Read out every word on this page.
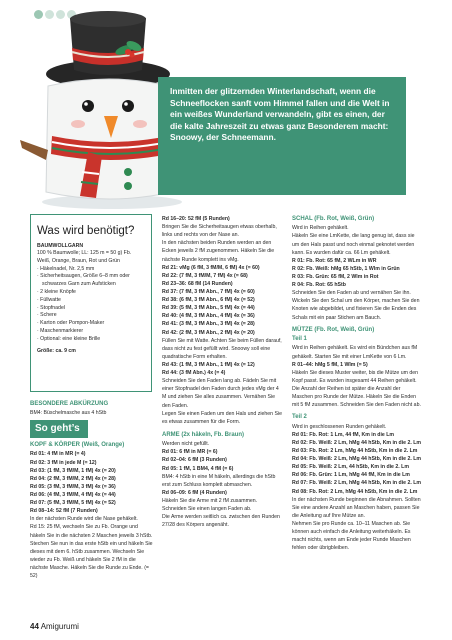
Inmitten der glitzernden Winterlandschaft, wenn die Schneeflocken sanft vom Himmel fallen und die Welt in ein weißes Wunderland verwandeln, gibt es einen, der die kalte Jahreszeit zu etwas ganz Besonderem macht: Snoowy, der Schneemann.
Was wird benötigt?
BAUMWOLLGARN
100 % Baumwolle; LL: 125 m = 50 g) Fb. Weiß, Orange, Braun, Rot und Grün
· Häkelnadel, Nr. 2,5 mm
· Sicherheitsaugen, Größe 6–8 mm oder schwarzes Garn zum Aufsticken
· 2 kleine Knöpfe
· Füllwatte
· Stopfnadel
· Schere
· Karton oder Pompon-Maker
· Maschenmarkierer
· Optional: eine kleine Brille
Größe: ca. 9 cm
BESONDERE ABKÜRZUNG
BM4: Büschelmasche aus 4 hStb
So geht’s
KOPF & KÖRPER (Weiß, Orange)
Rd 01: 4 fM in MR (= 4)
Rd 02: 3 fM in jede M (= 12)
Rd 03: (1 fM, 3 fM/M, 1 fM) 4x (= 20)
Rd 04: (2 fM, 3 fM/M, 2 fM) 4x (= 28)
Rd 05: (3 fM, 3 fM/M, 3 fM) 4x (= 36)
Rd 06: (4 fM, 3 fM/M, 4 fM) 4x (= 44)
Rd 07: (5 fM, 3 fM/M, 5 fM) 4x (= 52)
Rd 08–14: 52 fM (7 Runden)
In der nächsten Runde wird die Nase gehäkelt.
Rd 15: 25 fM, wechseln Sie zu Fb. Orange und häkeln Sie in die nächsten 2 Maschen jeweils 3 hStb. Stechen Sie nun in das erste hStb ein und häkeln Sie dieses mit dem 6. hStb zusammen. Wechseln Sie wieder zu Fb. Weiß und häkeln Sie 2 fM in die nächste Masche. Häkeln Sie die Runde zu Ende. (= 52)
Rd 16–20: 52 fM (5 Runden)
Bringen Sie die Sicherheitsaugen etwas oberhalb, links und rechts von der Nase an.
In den nächsten beiden Runden werden an den Ecken jeweils 2 fM zugenommen. Häkeln Sie die nächste Runde komplett ins vMg.
Rd 21: vMg (6 fM, 3 fM/M, 6 fM) 4x (= 60)
Rd 22: (7 fM, 3 fM/M, 7 fM) 4x (= 68)
Rd 23–36: 68 fM (14 Runden)
Rd 37: (7 fM, 3 fM Abn., 7 fM) 4x (= 60)
Rd 38: (6 fM, 3 fM Abn., 6 fM) 4x (= 52)
Rd 39: (5 fM, 3 fM Abn., 5 fM) 4x (= 44)
Rd 40: (4 fM, 3 fM Abn., 4 fM) 4x (= 36)
Rd 41: (3 fM, 3 fM Abn., 3 fM) 4x (= 28)
Rd 42: (2 fM, 3 fM Abn., 2 fM) 4x (= 20)
Füllen Sie mit Watte. Achten Sie beim Füllen darauf, dass nicht zu fest gefüllt wird. Snoowy soll eine quadratische Form erhalten.
Rd 43: (1 fM, 3 fM Abn., 1 fM) 4x (= 12)
Rd 44: (3 fM Abn.) 4x (= 4)
Schneiden Sie den Faden lang ab. Fädeln Sie mit einer Stopfnadel den Faden durch jedes vMg der 4 M und ziehen Sie alles zusammen. Vernähen Sie den Faden.
Legen Sie einen Faden um den Hals und ziehen Sie es etwas zusammen für die Form.
ARME (2x häkeln, Fb. Braun)
Werden nicht gefüllt.
Rd 01: 6 fM in MR (= 6)
Rd 02–04: 6 fM (3 Runden)
Rd 05: 1 fM, 1 BM4, 4 fM (= 6)
BM4: 4 hStb in eine M häkeln, allerdings die hStb erst zum Schluss komplett abmaschen.
Rd 06–09: 6 fM (4 Runden)
Häkeln Sie die Arme mit 2 fM zusammen.
Schneiden Sie einen langen Faden ab.
Die Arme werden seitlich ca. zwischen den Runden 27/28 des Körpers angenäht.
SCHAL (Fb. Rot, Weiß, Grün)
Wird in Reihen gehäkelt.
Häkeln Sie eine LmKette, die lang genug ist, dass sie um den Hals passt und noch einmal geknotet werden kann. Es wurden dafür ca. 66 Lm gehäkelt.
R 01: Fb. Rot: 65 fM, 2 WLm in WR
R 02: Fb. Weiß: hMg 65 hStb, 1 Wlm in Grün
R 03: Fb. Grün: 65 fM, 2 Wlm in Rot
R 04: Fb. Rot: 65 hStb
Schneiden Sie den Faden ab und vernähen Sie ihn. Wickeln Sie den Schal um den Körper, machen Sie den Knoten wie abgebildet, und fixieren Sie die Enden des Schals mit ein paar Stichen am Bauch.
MÜTZE (Fb. Rot, Weiß, Grün)
Teil 1
Wird in Reihen gehäkelt. Es wird ein Bündchen aus fM gehäkelt. Starten Sie mit einer LmKette von 6 Lm.
R 01–44: hMg 5 fM, 1 Wlm (= 5)
Häkeln Sie dieses Muster weiter, bis die Mütze um den Kopf passt. Es wurden insgesamt 44 Reihen gehäkelt. Die Anzahl der Reihen ist später die Anzahl der Maschen pro Runde der Mütze. Häkeln Sie die Enden mit 5 fM zusammen. Schneiden Sie den Faden nicht ab.
Teil 2
Wird in geschlossenen Runden gehäkelt.
Rd 01: Fb. Rot: 1 Lm, 44 fM, Km in die Lm
Rd 02: Fb. Weiß: 2 Lm, hMg 44 hStb, Km in die 2. Lm
Rd 03: Fb. Rot: 2 Lm, hMg 44 hStb, Km in die 2. Lm
Rd 04: Fb. Weiß: 2 Lm, hMg 44 hStb, Km in die 2. Lm
Rd 05: Fb. Weiß: 2 Lm, 44 hStb, Km in die 2. Lm
Rd 06: Fb. Grün: 1 Lm, hMg 44 fM, Km in die Lm
Rd 07: Fb. Weiß: 2 Lm, hMg 44 hStb, Km in die 2. Lm
Rd 08: Fb. Rot: 2 Lm, hMg 44 hStb, Km in die 2. Lm
In der nächsten Runde beginnen die Abnahmen. Sollten Sie eine andere Anzahl an Maschen haben, passen Sie die Anleitung auf Ihre Mütze an.
Nehmen Sie pro Runde ca. 10–11 Maschen ab. Sie können auch einfach die Anleitung weiterhäkeln. Es macht nichts, wenn am Ende jeder Runde Maschen fehlen oder übrigbleiben.
44 Amigurumi
